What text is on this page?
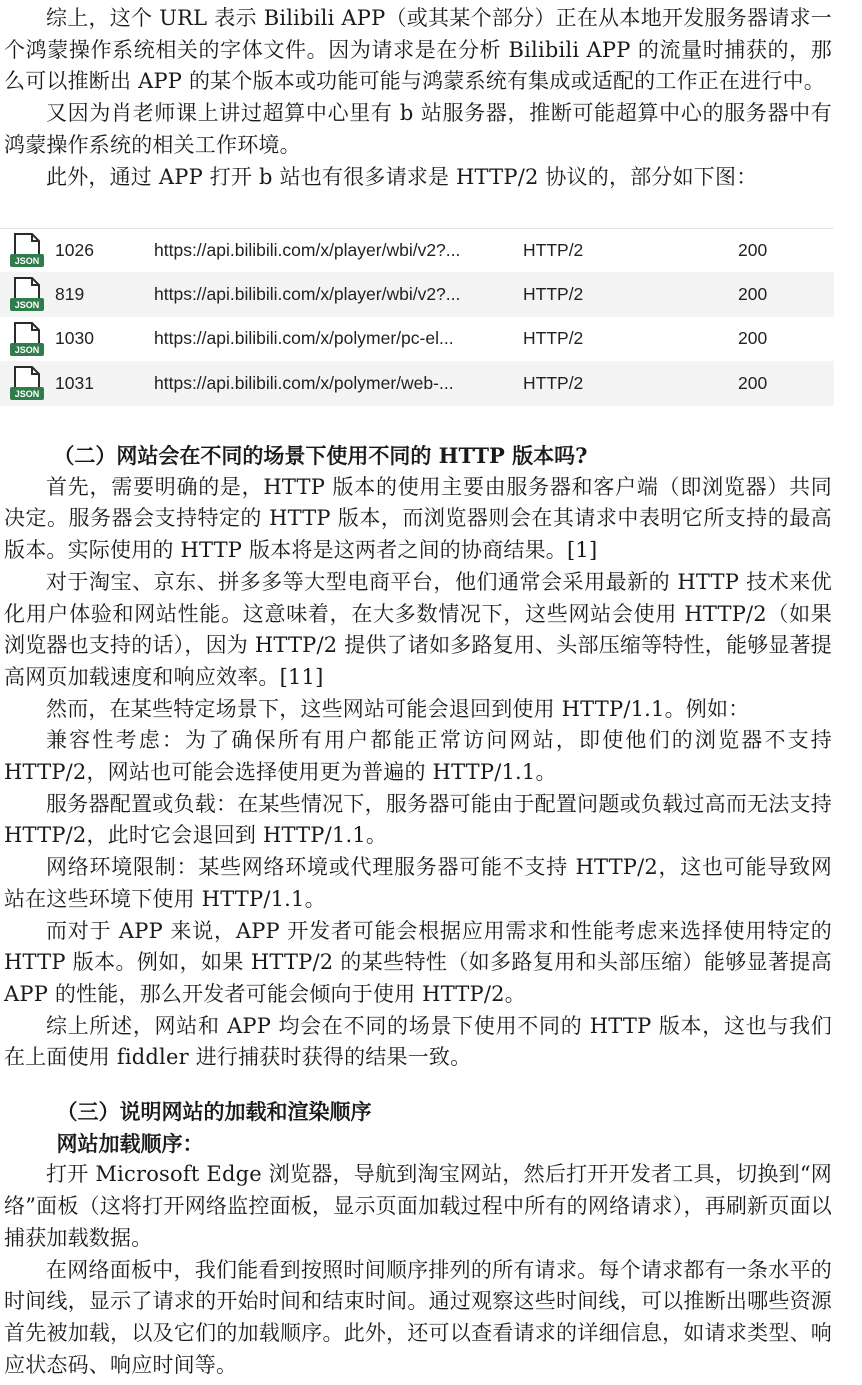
综上，这个 URL 表示 Bilibili APP（或其某个部分）正在从本地开发服务器请求一个鸿蒙操作系统相关的字体文件。因为请求是在分析 Bilibili APP 的流量时捕获的，那么可以推断出 APP 的某个版本或功能可能与鸿蒙系统有集成或适配的工作正在进行中。

又因为肖老师课上讲过超算中心里有 b 站服务器，推断可能超算中心的服务器中有鸿蒙操作系统的相关工作环境。

此外，通过 APP 打开 b 站也有很多请求是 HTTP/2 协议的，部分如下图：

JSON
1026	https://api.bilibili.com/x/player/wbi/v2?...	HTTP/2	200
JSON
819	https://api.bilibili.com/x/player/wbi/v2?...	HTTP/2	200
JSON
1030	https://api.bilibili.com/x/polymer/pc-el...	HTTP/2	200
JSON
1031	https://api.bilibili.com/x/polymer/web-...	HTTP/2	200

（二）网站会在不同的场景下使用不同的 HTTP 版本吗?

首先，需要明确的是，HTTP 版本的使用主要由服务器和客户端（即浏览器）共同决定。服务器会支持特定的 HTTP 版本，而浏览器则会在其请求中表明它所支持的最高版本。实际使用的 HTTP 版本将是这两者之间的协商结果。[1]

对于淘宝、京东、拼多多等大型电商平台，他们通常会采用最新的 HTTP 技术来优化用户体验和网站性能。这意味着，在大多数情况下，这些网站会使用 HTTP/2（如果浏览器也支持的话），因为 HTTP/2 提供了诸如多路复用、头部压缩等特性，能够显著提高网页加载速度和响应效率。[11]

然而，在某些特定场景下，这些网站可能会退回到使用 HTTP/1.1。例如：

兼容性考虑：为了确保所有用户都能正常访问网站，即使他们的浏览器不支持 HTTP/2，网站也可能会选择使用更为普遍的 HTTP/1.1。

服务器配置或负载：在某些情况下，服务器可能由于配置问题或负载过高而无法支持 HTTP/2，此时它会退回到 HTTP/1.1。

网络环境限制：某些网络环境或代理服务器可能不支持 HTTP/2，这也可能导致网站在这些环境下使用 HTTP/1.1。

而对于 APP 来说，APP 开发者可能会根据应用需求和性能考虑来选择使用特定的 HTTP 版本。例如，如果 HTTP/2 的某些特性（如多路复用和头部压缩）能够显著提高 APP 的性能，那么开发者可能会倾向于使用 HTTP/2。

综上所述，网站和 APP 均会在不同的场景下使用不同的 HTTP 版本，这也与我们在上面使用 fiddler 进行捕获时获得的结果一致。

（三）说明网站的加载和渲染顺序

网站加载顺序：

打开 Microsoft Edge 浏览器，导航到淘宝网站，然后打开开发者工具，切换到“网络”面板（这将打开网络监控面板，显示页面加载过程中所有的网络请求），再刷新页面以捕获加载数据。

在网络面板中，我们能看到按照时间顺序排列的所有请求。每个请求都有一条水平的时间线，显示了请求的开始时间和结束时间。通过观察这些时间线，可以推断出哪些资源首先被加载，以及它们的加载顺序。此外，还可以查看请求的详细信息，如请求类型、响应状态码、响应时间等。
